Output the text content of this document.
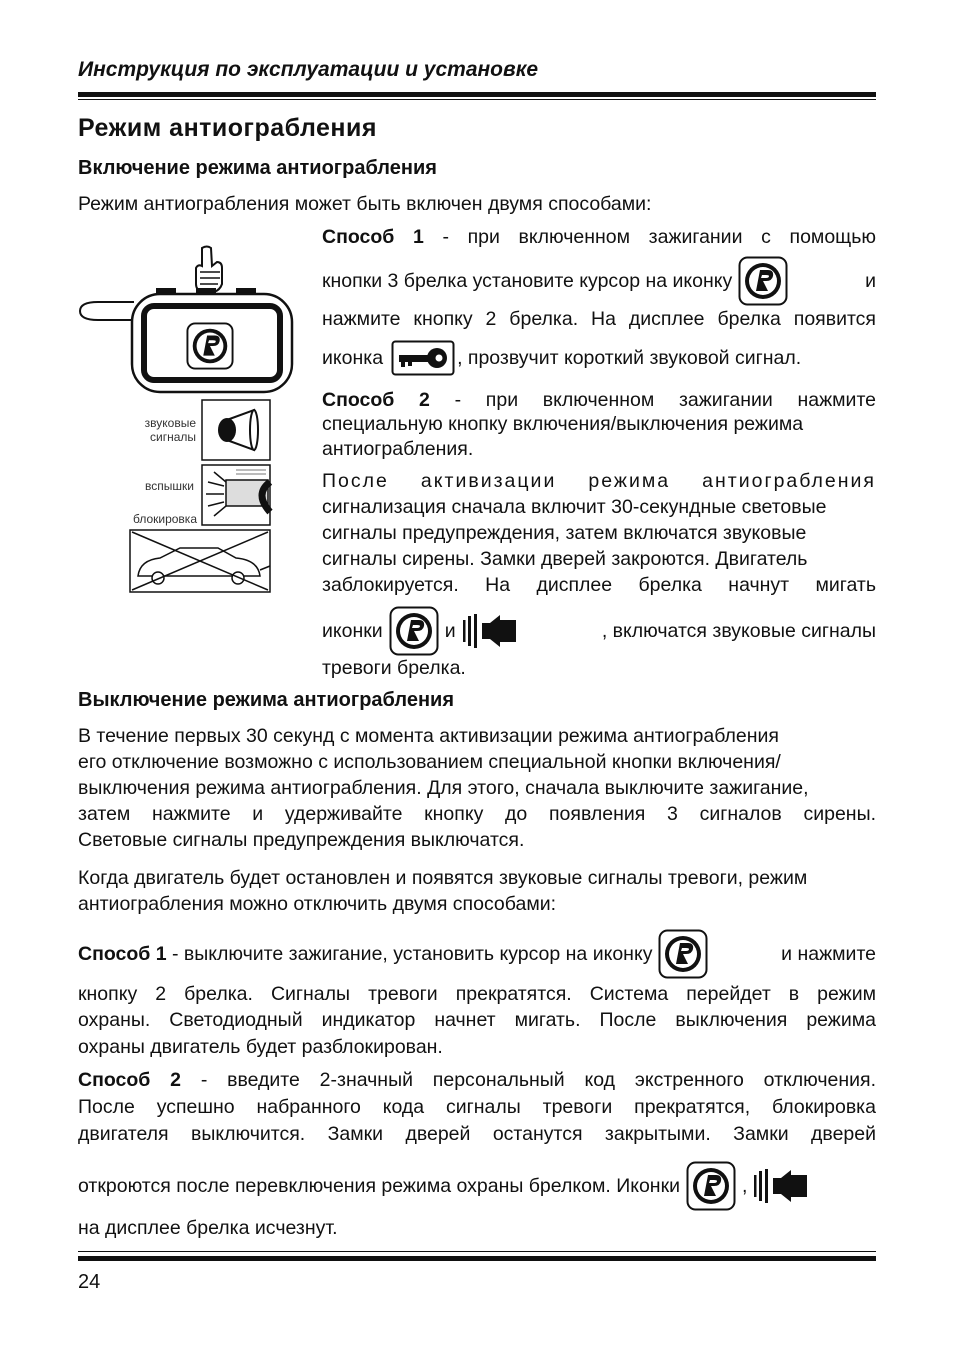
Инструкция по эксплуатации и установке
Режим антиограбления
Включение режима антиограбления
Режим антиограбления может быть включен двумя способами:
звуковые
сигналы
вспышки
блокировка
Способ 1 - при включенном зажигании с помощью
кнопки 3 брелка установите курсор на иконку	и
нажмите кнопку 2 брелка. На дисплее брелка появится
иконка	, прозвучит короткий звуковой сигнал.
Способ 2 - при включенном зажигании нажмите
специальную кнопку включения/выключения режима
антиограбления.
После активизации режима антиограбления
сигнализация сначала включит 30-секундные световые
сигналы предупреждения, затем включатся звуковые
сигналы сирены. Замки дверей закроются. Двигатель
заблокируется. На дисплее брелка начнут мигать
иконки	и	, включатся звуковые сигналы
тревоги брелка.
Выключение режима антиограбления
В течение первых 30 секунд с момента активизации режима антиограбления
его отключение возможно с использованием специальной кнопки включения/
выключения режима антиограбления. Для этого, сначала выключите зажигание,
затем нажмите и удерживайте кнопку до появления 3 сигналов сирены.
Световые сигналы предупреждения выключатся.
Когда двигатель будет остановлен и появятся звуковые сигналы тревоги, режим
антиограбления можно отключить двумя способами:
Способ 1
- выключите зажигание, установить курсор на иконку	и нажмите
кнопку 2 брелка. Сигналы тревоги прекратятся. Система перейдет в режим
охраны. Светодиодный индикатор начнет мигать. После выключения режима
охраны двигатель будет разблокирован.
Способ 2 - введите 2-значный персональный код экстренного отключения.
После успешно набранного кода сигналы тревоги прекратятся, блокировка
двигателя выключится. Замки дверей останутся закрытыми. Замки дверей
откроются после перевключения режима охраны брелком. Иконки	,
на дисплее брелка исчезнут.
24
